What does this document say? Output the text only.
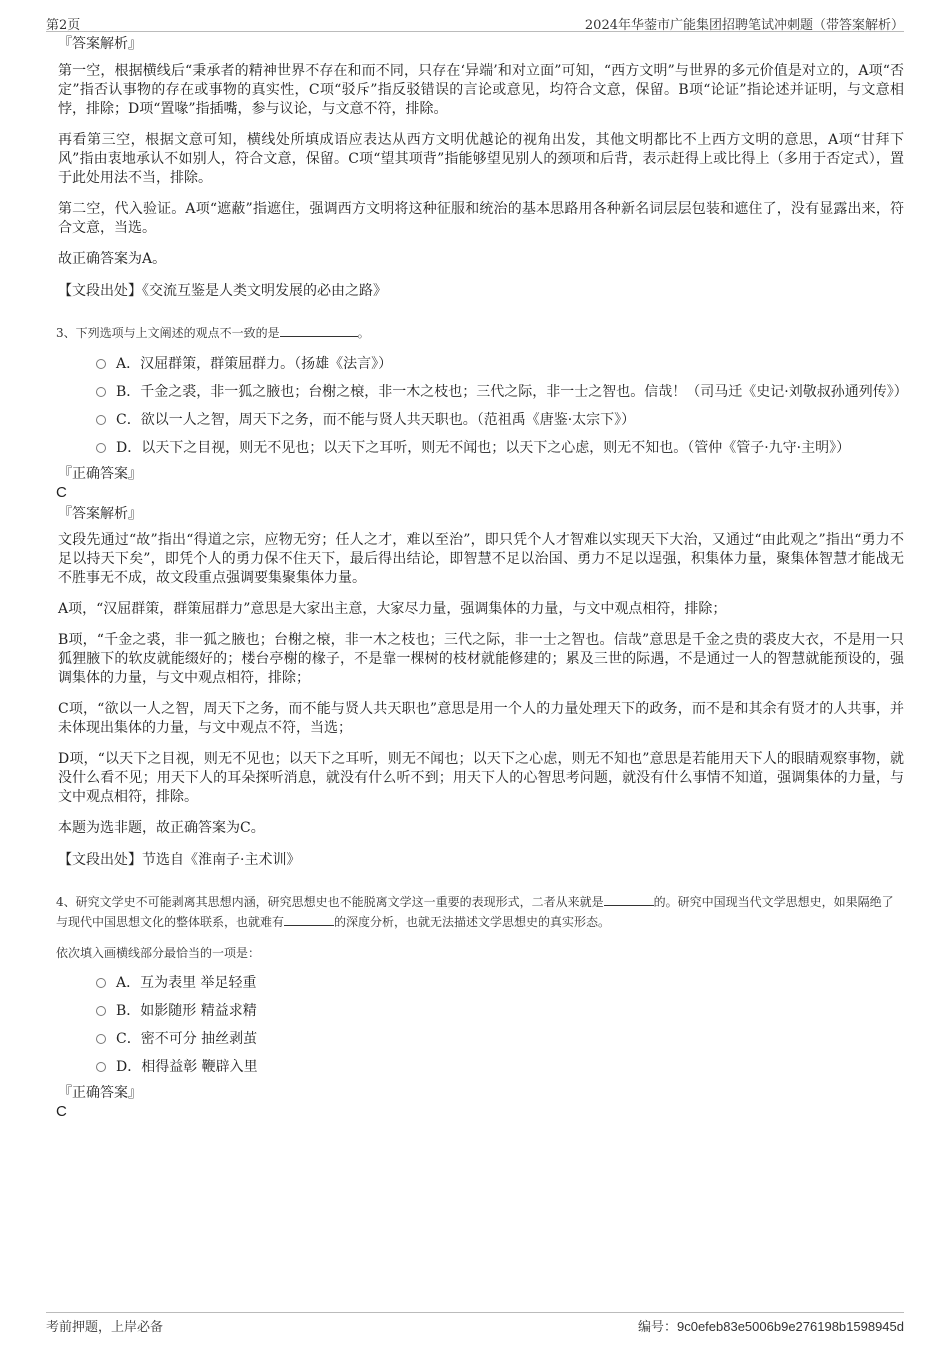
第2页	2024年华蓥市广能集团招聘笔试冲刺题（带答案解析）
『答案解析』

第一空，根据横线后“秉承者的精神世界不存在和而不同，只存在‘异端’和对立面”可知，“西方文明”与世界的多元价值是对立的，A项“否定”指否认事物的存在或事物的真实性，C项“驳斥”指反驳错误的言论或意见，均符合文意，保留。B项“论证”指论述并证明，与文意相悖，排除；D项“置喙”指插嘴，参与议论，与文意不符，排除。

再看第三空，根据文意可知，横线处所填成语应表达从西方文明优越论的视角出发，其他文明都比不上西方文明的意思，A项“甘拜下风”指由衷地承认不如别人，符合文意，保留。C项“望其项背”指能够望见别人的颈项和后背，表示赶得上或比得上（多用于否定式），置于此处用法不当，排除。

第二空，代入验证。A项“遮蔽”指遮住，强调西方文明将这种征服和统治的基本思路用各种新名词层层包装和遮住了，没有显露出来，符合文意，当选。

故正确答案为A。

【文段出处】《交流互鉴是人类文明发展的必由之路》

3、下列选项与上文阐述的观点不一致的是	。
A．汉屈群策，群策屈群力。（扬雄《法言》）
B．千金之裘，非一狐之腋也；台榭之榱，非一木之枝也；三代之际，非一士之智也。信哉！（司马迁《史记·刘敬叔孙通列传》）
C．欲以一人之智，周天下之务，而不能与贤人共天职也。（范祖禹《唐鉴·太宗下》）
D．以天下之目视，则无不见也；以天下之耳听，则无不闻也；以天下之心虑，则无不知也。（管仲《管子·九守·主明》）
『正确答案』
C
『答案解析』

文段先通过“故”指出“得道之宗，应物无穷；任人之才，难以至治”，即只凭个人才智难以实现天下大治，又通过“由此观之”指出“勇力不足以持天下矣”，即凭个人的勇力保不住天下，最后得出结论，即智慧不足以治国、勇力不足以逞强，积集体力量，聚集体智慧才能战无不胜事无不成，故文段重点强调要集聚集体力量。

A项，“汉屈群策，群策屈群力”意思是大家出主意，大家尽力量，强调集体的力量，与文中观点相符，排除；

B项，“千金之裘，非一狐之腋也；台榭之榱，非一木之枝也；三代之际，非一士之智也。信哉”意思是千金之贵的裘皮大衣，不是用一只狐狸腋下的软皮就能缀好的；楼台亭榭的椽子，不是靠一棵树的枝材就能修建的；累及三世的际遇，不是通过一人的智慧就能预设的，强调集体的力量，与文中观点相符，排除；

C项，“欲以一人之智，周天下之务，而不能与贤人共天职也”意思是用一个人的力量处理天下的政务，而不是和其余有贤才的人共事，并未体现出集体的力量，与文中观点不符，当选；

D项，“以天下之目视，则无不见也；以天下之耳听，则无不闻也；以天下之心虑，则无不知也”意思是若能用天下人的眼睛观察事物，就没什么看不见；用天下人的耳朵探听消息，就没有什么听不到；用天下人的心智思考问题，就没有什么事情不知道，强调集体的力量，与文中观点相符，排除。

本题为选非题，故正确答案为C。

【文段出处】节选自《淮南子·主术训》

4、研究文学史不可能剥离其思想内涵，研究思想史也不能脱离文学这一重要的表现形式，二者从来就是	的。研究中国现当代文学思想史，如果隔绝了与现代中国思想文化的整体联系，也就难有	的深度分析，也就无法描述文学思想史的真实形态。
依次填入画横线部分最恰当的一项是：
A．互为表里 举足轻重
B．如影随形 精益求精
C．密不可分 抽丝剥茧
D．相得益彰 鞭辟入里
『正确答案』
C
考前押题，上岸必备	编号：9c0efeb83e5006b9e276198b1598945d
